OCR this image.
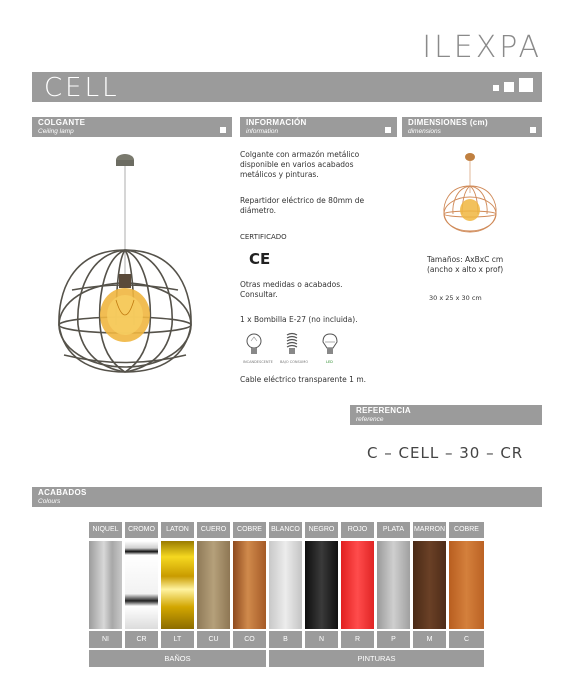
ILEXPA
CELL
COLGANTE
Ceiling lamp
INFORMACIÓN
information
DIMENSIONES (cm)
dimensions
Colgante con armazón metálico
disponible en varios acabados
metálicos y pinturas.
Repartidor eléctrico de 80mm de
diámetro.
CERTIFICADO
CE
Otras medidas o acabados.
Consultar.
1 x Bombilla E-27 (no incluida).
INCANDESCENTE BAJO CONSUMO	LED
Cable eléctrico transparente 1 m.
Tamaños: AxBxC cm
(ancho x alto x prof)
30 x 25 x 30 cm
REFERENCIA
reference
C – CELL – 30 – CR
ACABADOS
Colours
NIQUEL	CROMO	LATON	CUERO	COBRE	BLANCO	NEGRO	ROJO	PLATA	MARRON	COBRE
NI	CR	LT	CU	CO	B	N	R	P	M	C
BAÑOS	PINTURAS
